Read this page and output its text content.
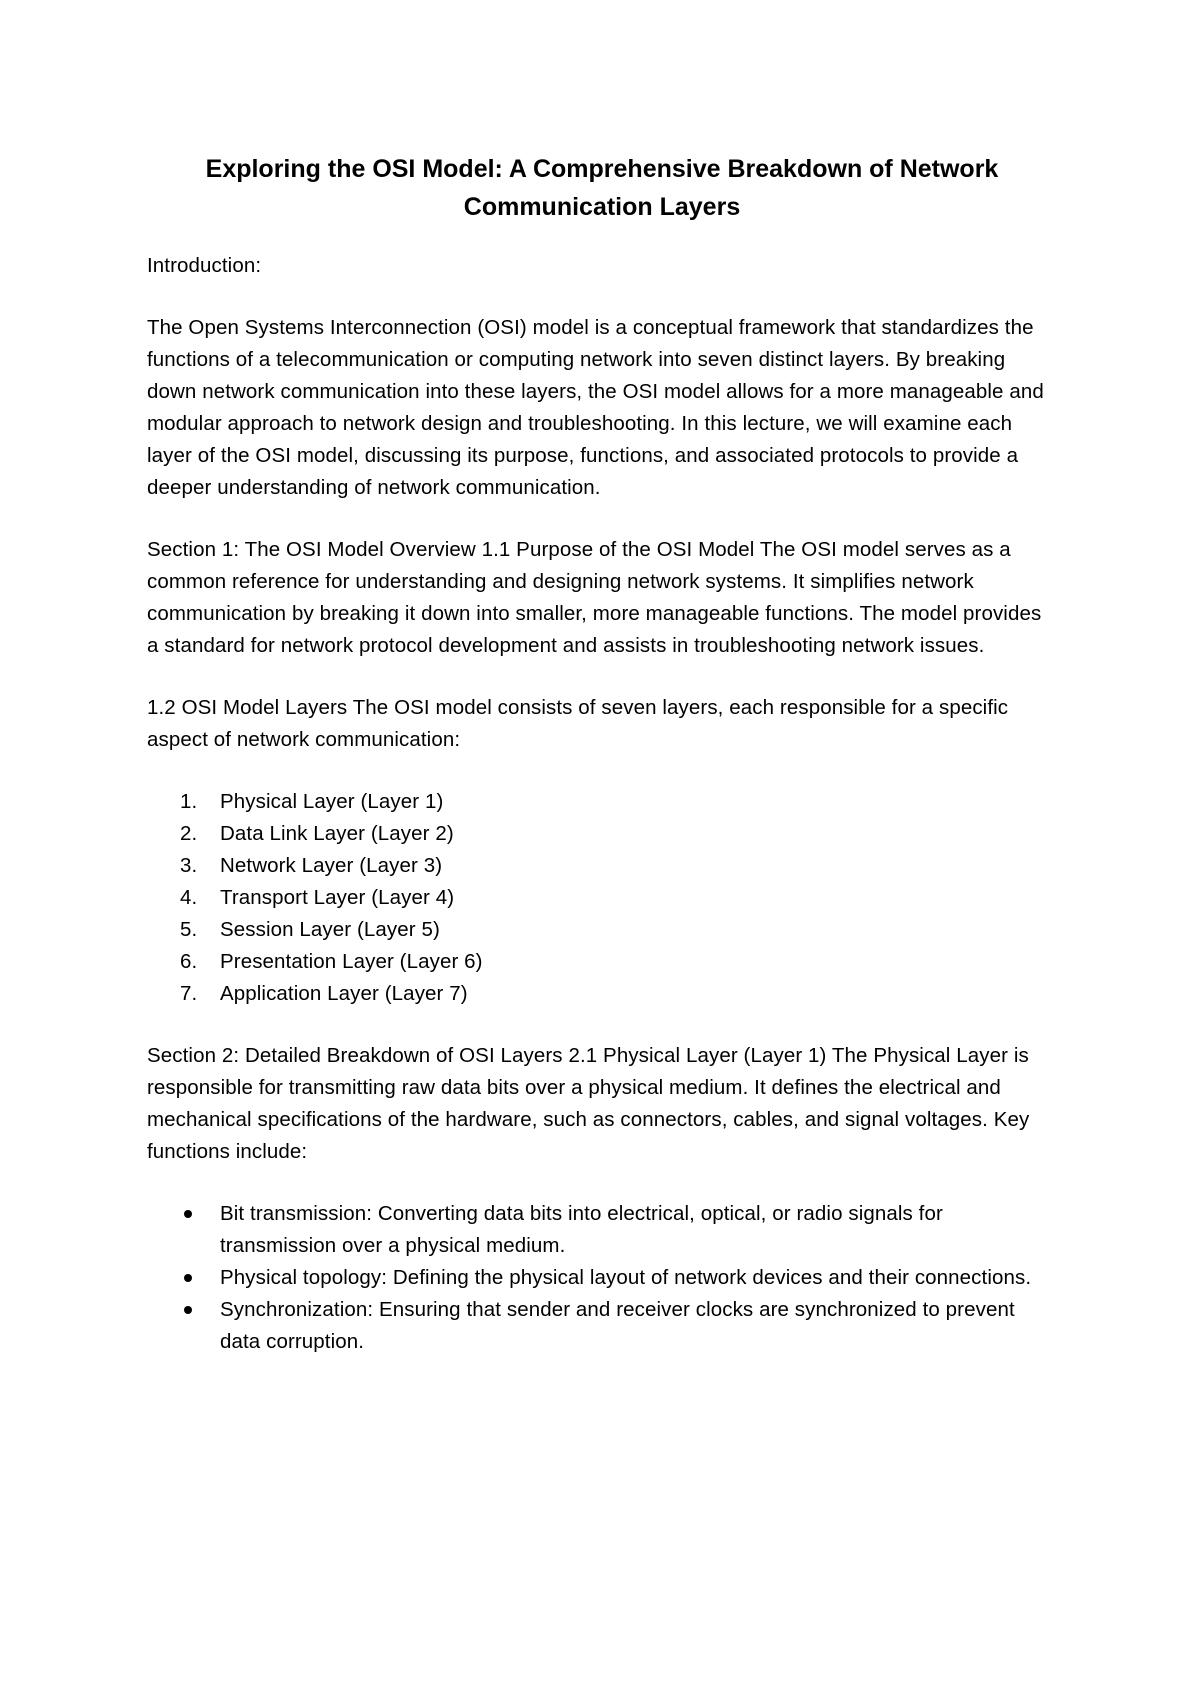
Exploring the OSI Model: A Comprehensive Breakdown of Network Communication Layers

Introduction:

The Open Systems Interconnection (OSI) model is a conceptual framework that standardizes the functions of a telecommunication or computing network into seven distinct layers. By breaking down network communication into these layers, the OSI model allows for a more manageable and modular approach to network design and troubleshooting. In this lecture, we will examine each layer of the OSI model, discussing its purpose, functions, and associated protocols to provide a deeper understanding of network communication.

Section 1: The OSI Model Overview 1.1 Purpose of the OSI Model The OSI model serves as a common reference for understanding and designing network systems. It simplifies network communication by breaking it down into smaller, more manageable functions. The model provides a standard for network protocol development and assists in troubleshooting network issues.

1.2 OSI Model Layers The OSI model consists of seven layers, each responsible for a specific aspect of network communication:

1. Physical Layer (Layer 1)
2. Data Link Layer (Layer 2)
3. Network Layer (Layer 3)
4. Transport Layer (Layer 4)
5. Session Layer (Layer 5)
6. Presentation Layer (Layer 6)
7. Application Layer (Layer 7)

Section 2: Detailed Breakdown of OSI Layers 2.1 Physical Layer (Layer 1) The Physical Layer is responsible for transmitting raw data bits over a physical medium. It defines the electrical and mechanical specifications of the hardware, such as connectors, cables, and signal voltages. Key functions include:

Bit transmission: Converting data bits into electrical, optical, or radio signals for transmission over a physical medium.
Physical topology: Defining the physical layout of network devices and their connections.
Synchronization: Ensuring that sender and receiver clocks are synchronized to prevent data corruption.
